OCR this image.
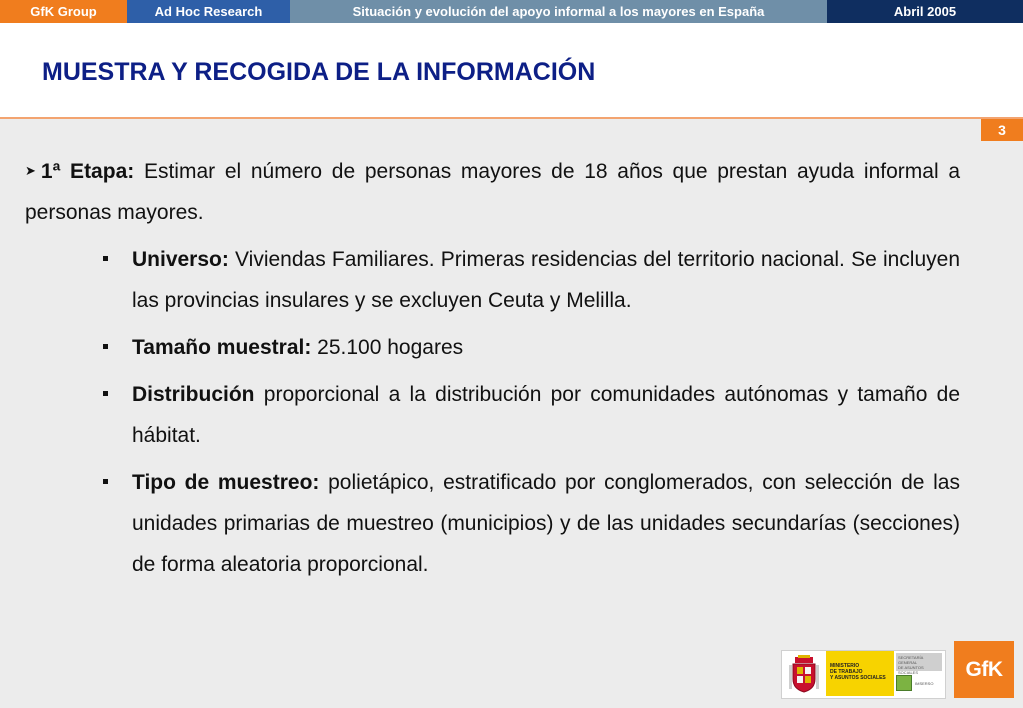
GfK Group	Ad Hoc Research	Situación y evolución del apoyo informal a los mayores en España	Abril 2005
MUESTRA Y RECOGIDA DE LA INFORMACIÓN
3

➤ 1ª Etapa: Estimar el número de personas mayores de 18 años que prestan ayuda informal a personas mayores.

Universo: Viviendas Familiares. Primeras residencias del territorio nacional. Se incluyen las provincias insulares y se excluyen Ceuta y Melilla.
Tamaño muestral: 25.100 hogares
Distribución proporcional a la distribución por comunidades autónomas y tamaño de hábitat.
Tipo de muestreo: polietápico, estratificado por conglomerados, con selección de las unidades primarias de muestreo (municipios) y de las unidades secundarías (secciones) de forma aleatoria proporcional.
MINISTERIO
DE TRABAJO
Y ASUNTOS SOCIALES
SECRETARÍA GENERAL
DE ASUNTOS SOCIALES
IMSERSO
GfK
